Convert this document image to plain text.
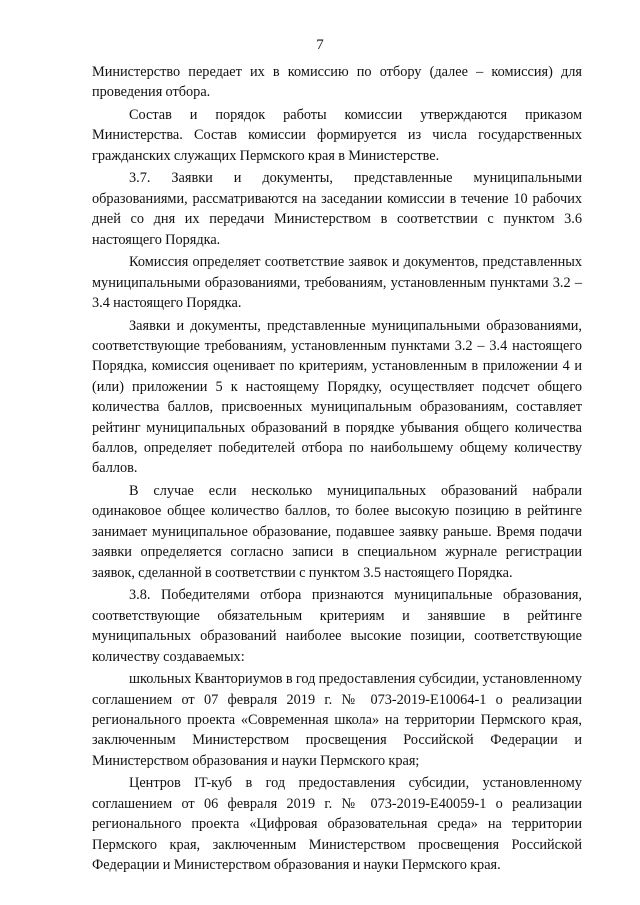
7

Министерство передает их в комиссию по отбору (далее – комиссия) для проведения отбора.

Состав и порядок работы комиссии утверждаются приказом Министерства. Состав комиссии формируется из числа государственных гражданских служащих Пермского края в Министерстве.

3.7. Заявки и документы, представленные муниципальными образованиями, рассматриваются на заседании комиссии в течение 10 рабочих дней со дня их передачи Министерством в соответствии с пунктом 3.6 настоящего Порядка.

Комиссия определяет соответствие заявок и документов, представленных муниципальными образованиями, требованиям, установленным пунктами 3.2 – 3.4 настоящего Порядка.

Заявки и документы, представленные муниципальными образованиями, соответствующие требованиям, установленным пунктами 3.2 – 3.4 настоящего Порядка, комиссия оценивает по критериям, установленным в приложении 4 и (или) приложении 5 к настоящему Порядку, осуществляет подсчет общего количества баллов, присвоенных муниципальным образованиям, составляет рейтинг муниципальных образований в порядке убывания общего количества баллов, определяет победителей отбора по наибольшему общему количеству баллов.

В случае если несколько муниципальных образований набрали одинаковое общее количество баллов, то более высокую позицию в рейтинге занимает муниципальное образование, подавшее заявку раньше. Время подачи заявки определяется согласно записи в специальном журнале регистрации заявок, сделанной в соответствии с пунктом 3.5 настоящего Порядка.

3.8. Победителями отбора признаются муниципальные образования, соответствующие обязательным критериям и занявшие в рейтинге муниципальных образований наиболее высокие позиции, соответствующие количеству создаваемых:

школьных Кванториумов в год предоставления субсидии, установленному соглашением от 07 февраля 2019 г. № 073-2019-Е10064-1 о реализации регионального проекта «Современная школа» на территории Пермского края, заключенным Министерством просвещения Российской Федерации и Министерством образования и науки Пермского края;

Центров IT-куб в год предоставления субсидии, установленному соглашением от 06 февраля 2019 г. № 073-2019-Е40059-1 о реализации регионального проекта «Цифровая образовательная среда» на территории Пермского края, заключенным Министерством просвещения Российской Федерации и Министерством образования и науки Пермского края.
